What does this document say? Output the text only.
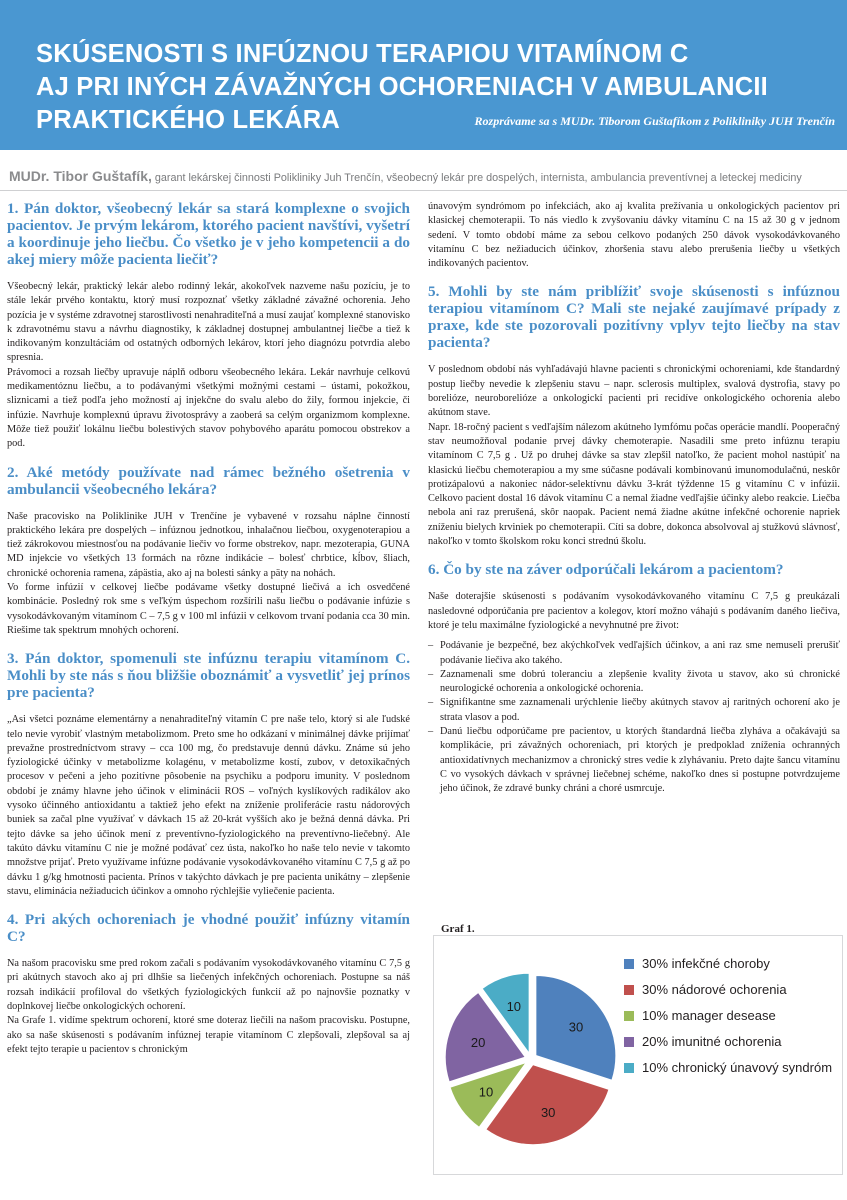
SKÚSENOSTI S INFÚZNOU TERAPIOU VITAMÍNOM C
AJ PRI INÝCH ZÁVAŽNÝCH OCHORENIACH V AMBULANCII
PRAKTICKÉHO LEKÁRA	Rozprávame sa s MUDr. Tiborom Guštafíkom z Polikliniky JUH Trenčín
MUDr. Tibor Guštafík, garant lekárskej činnosti Polikliniky Juh Trenčín, všeobecný lekár pre dospelých, internista, ambulancia preventívnej a leteckej mediciny
1. Pán doktor, všeobecný lekár sa stará komplexne o svojich pacientov. Je prvým lekárom, ktorého pacient navštívi, vyšetrí a koordinuje jeho liečbu. Čo všetko je v jeho kompetencii a do akej miery môže pacienta liečiť?
Všeobecný lekár, praktický lekár alebo rodinný lekár, akokoľvek nazveme našu pozíciu, je to stále lekár prvého kontaktu, ktorý musí rozpoznať všetky základné závažné ochorenia. Jeho pozícia je v systéme zdravotnej starostlivosti nenahraditeľná a musí zaujať komplexné stanovisko k zdravotnému stavu a návrhu diagnostiky, k základnej dostupnej ambulantnej liečbe a tiež k indikovaným konzultáciám od ostatných odborných lekárov, ktorí jeho diagnózu potvrdia alebo spresnia.
Právomoci a rozsah liečby upravuje náplň odboru všeobecného lekára. Lekár navrhuje celkovú medikamentóznu liečbu, a to podávanými všetkými možnými cestami – ústami, pokožkou, sliznicami a tiež podľa jeho možností aj injekčne do svalu alebo do žily, formou injekcie, či infúzie. Navrhuje komplexnú úpravu životosprávy a zaoberá sa celým organizmom komplexne. Môže tiež použiť lokálnu liečbu bolestivých stavov pohybového aparátu pomocou obstrekov a pod.
2. Aké metódy používate nad rámec bežného ošetrenia v ambulancii všeobecného lekára?
Naše pracovisko na Poliklinike JUH v Trenčíne je vybavené v rozsahu náplne činností praktického lekára pre dospelých – infúznou jednotkou, inhalačnou liečbou, oxygenoterapiou a tiež zákrokovou miestnosťou na podávanie liečiv vo forme obstrekov, napr. mezoterapia, GUNA MD injekcie vo všetkých 13 formách na rôzne indikácie – bolesť chrbtice, kĺbov, šliach, chronické ochorenia ramena, zápästia, ako aj na bolesti sánky a päty na nohách.
Vo forme infúzií v celkovej liečbe podávame všetky dostupné liečivá a ich osvedčené kombinácie. Posledný rok sme s veľkým úspechom rozšírili našu liečbu o podávanie infúzie s vysokodávkovaným vitamínom C – 7,5 g v 100 ml infúzii v celkovom trvaní podania cca 30 min. Riešime tak spektrum mnohých ochorení.
3. Pán doktor, spomenuli ste infúznu terapiu vitamínom C. Mohli by ste nás s ňou bližšie oboznámiť a vysvetliť jej prínos pre pacienta?
„Asi všetci poznáme elementárny a nenahraditeľný vitamín C pre naše telo, ktorý si ale ľudské telo nevie vyrobiť vlastným metabolizmom. Preto sme ho odkázaní v minimálnej dávke prijímať prevažne prostredníctvom stravy – cca 100 mg, čo predstavuje dennú dávku. Známe sú jeho fyziologické účinky v metabolizme kolagénu, v metabolizme kostí, zubov, v detoxikačných procesov v pečeni a jeho pozitívne pôsobenie na psychiku a podporu imunity. V poslednom období je známy hlavne jeho účinok v eliminácii ROS – voľných kyslíkových radikálov ako vysoko účinného antioxidantu a taktiež jeho efekt na zníženie proliferácie rastu nádorových buniek sa začal plne využívať v dávkach 15 až 20-krát vyšších ako je bežná denná dávka. Pri tejto dávke sa jeho účinok mení z preventívno-fyziologického na preventívno-liečebný. Ale takúto dávku vitamínu C nie je možné podávať cez ústa, nakoľko ho naše telo nevie v takomto množstve prijať. Preto využívame infúzne podávanie vysokodávkovaného vitamínu C 7,5 g až po dávku 1 g/kg hmotnosti pacienta. Prínos v takýchto dávkach je pre pacienta unikátny – zlepšenie stavu, eliminácia nežiaducich účinkov a omnoho rýchlejšie vyliečenie pacienta.
4. Pri akých ochoreniach je vhodné použiť infúzny vitamín C?
Na našom pracovisku sme pred rokom začali s podávaním vysokodávkovaného vitamínu C 7,5 g pri akútnych stavoch ako aj pri dlhšie sa liečených infekčných ochoreniach. Postupne sa náš rozsah indikácií profiloval do všetkých fyziologických funkcií až po najnovšie poznatky v doplnkovej liečbe onkologických ochorení.
Na Grafe 1. vidíme spektrum ochorení, ktoré sme doteraz liečili na našom pracovisku. Postupne, ako sa naše skúsenosti s podávaním infúznej terapie vitamínom C zlepšovali, zlepšoval sa aj efekt tejto terapie u pacientov s chronickým
únavovým syndrómom po infekciách, ako aj kvalita prežívania u onkologických pacientov pri klasickej chemoterapii. To nás viedlo k zvyšovaniu dávky vitamínu C na 15 až 30 g v jednom sedení. V tomto období máme za sebou celkovo podaných 250 dávok vysokodávkovaného vitamínu C bez nežiaducich účinkov, zhoršenia stavu alebo prerušenia liečby u všetkých indikovaných pacientov.
5. Mohli by ste nám priblížiť svoje skúsenosti s infúznou terapiou vitamínom C? Mali ste nejaké zaujímavé prípady z praxe, kde ste pozorovali pozitívny vplyv tejto liečby na stav pacienta?
V poslednom období nás vyhľadávajú hlavne pacienti s chronickými ochoreniami, kde štandardný postup liečby nevedie k zlepšeniu stavu – napr. sclerosis multiplex, svalová dystrofia, stavy po borelióze, neuroborelióze a onkologickí pacienti pri recidíve onkologického ochorenia alebo akútnom stave.
Napr. 18-ročný pacient s vedľajším nálezom akútneho lymfómu počas operácie mandlí. Pooperačný stav neumožňoval podanie prvej dávky chemoterapie. Nasadili sme preto infúznu terapiu vitamínom C 7,5 g . Už po druhej dávke sa stav zlepšil natoľko, že pacient mohol nastúpiť na klasickú liečbu chemoterapiou a my sme súčasne podávali kombinovanú imunomodulačnú, neskôr protizápalovú a nakoniec nádor-selektívnu dávku 3-krát týždenne 15 g vitamínu C v infúzii. Celkovo pacient dostal 16 dávok vitamínu C a nemal žiadne vedľajšie účinky alebo reakcie. Liečba nebola ani raz prerušená, skôr naopak. Pacient nemá žiadne akútne infekčné ochorenie napriek zníženiu bielych krviniek po chemoterapii. Cíti sa dobre, dokonca absolvoval aj stužkovú slávnosť, nakoľko v tomto školskom roku konci strednú školu.
6. Čo by ste na záver odporúčali lekárom a pacientom?
Naše doterajšie skúsenosti s podávaním vysokodávkovaného vitamínu C 7,5 g preukázali nasledovné odporúčania pre pacientov a kolegov, ktorí možno váhajú s podávaním daného liečiva, ktoré je telu maximálne fyziologické a nevyhnutné pre život:
– Podávanie je bezpečné, bez akýchkoľvek vedľajších účinkov, a ani raz sme nemuseli prerušiť podávanie liečiva ako takého.
– Zaznamenali sme dobrú toleranciu a zlepšenie kvality života u stavov, ako sú chronické neurologické ochorenia a onkologické ochorenia.
– Signifikantne sme zaznamenali urýchlenie liečby akútnych stavov aj raritných ochorení ako je strata vlasov a pod.
– Danú liečbu odporúčame pre pacientov, u ktorých štandardná liečba zlyháva a očakávajú sa komplikácie, pri závažných ochoreniach, pri ktorých je predpoklad zníženia ochranných antioxidatívnych mechanizmov a chronický stres vedie k zlyhávaniu. Preto dajte šancu vitamínu C vo vysokých dávkach v správnej liečebnej schéme, nakoľko dnes si postupne potvrdzujeme jeho účinok, že zdravé bunky chráni a choré usmrcuje.
Graf 1.
30
30
10
20
10
30% infekčné choroby
30% nádorové ochorenia
10% manager desease
20% imunitné ochorenia
10% chronický únavový syndróm
